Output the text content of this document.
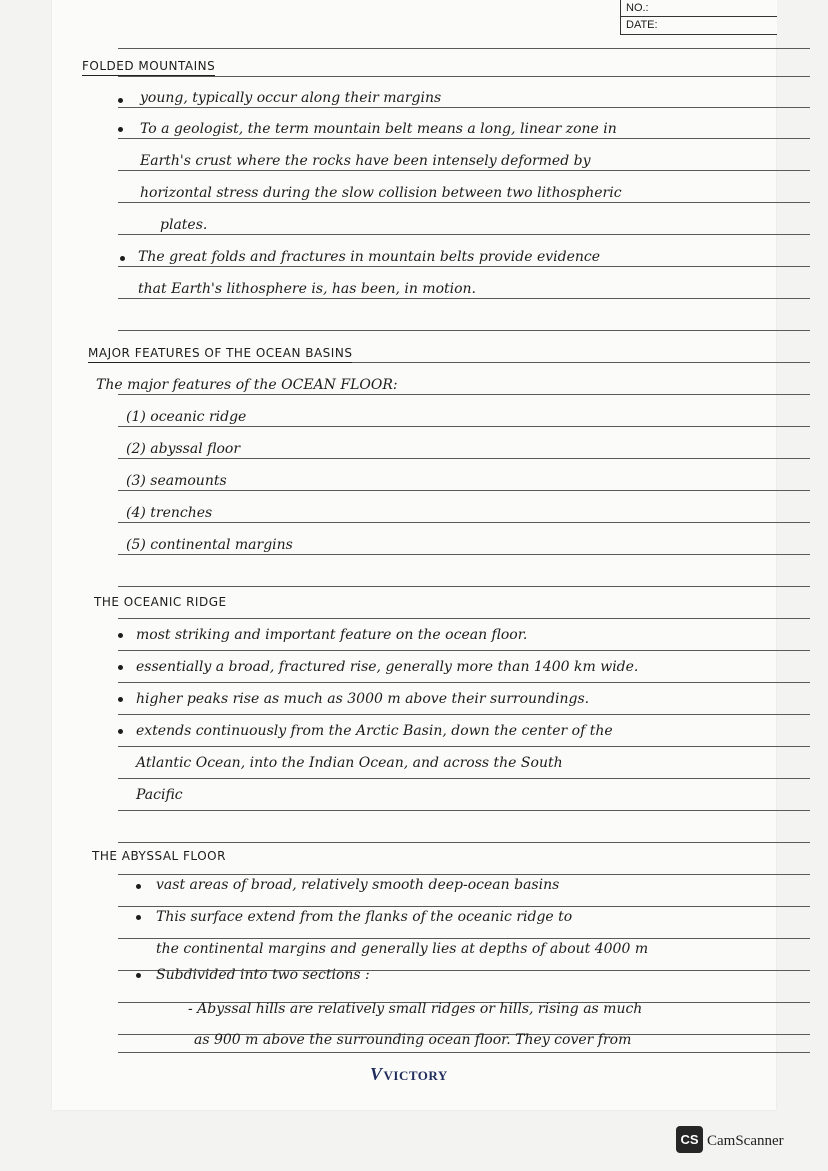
NO.:
DATE:
FOLDED MOUNTAINS
young, typically occur along their margins
To a geologist, the term mountain belt means a long, linear zone in
Earth's crust where the rocks have been intensely deformed by
horizontal stress during the slow collision between two lithospheric
plates.
The great folds and fractures in mountain belts provide evidence
that Earth's lithosphere is, has been, in motion.
MAJOR FEATURES OF THE OCEAN BASINS
The major features of the OCEAN FLOOR:
(1) oceanic ridge
(2) abyssal floor
(3) seamounts
(4) trenches
(5) continental margins
THE OCEANIC RIDGE
most striking and important feature on the ocean floor.
essentially a broad, fractured rise, generally more than 1400 km wide.
higher peaks rise as much as 3000 m above their surroundings.
extends continuously from the Arctic Basin, down the center of the
Atlantic Ocean, into the Indian Ocean, and across the South
Pacific
THE ABYSSAL FLOOR
vast areas of broad, relatively smooth deep-ocean basins
This surface extend from the flanks of the oceanic ridge to
the continental margins and generally lies at depths of about 4000 m
Subdivided into two sections :
- Abyssal hills are relatively small ridges or hills, rising as much
as 900 m above the surrounding ocean floor. They cover from
VVICTORY
CS CamScanner
